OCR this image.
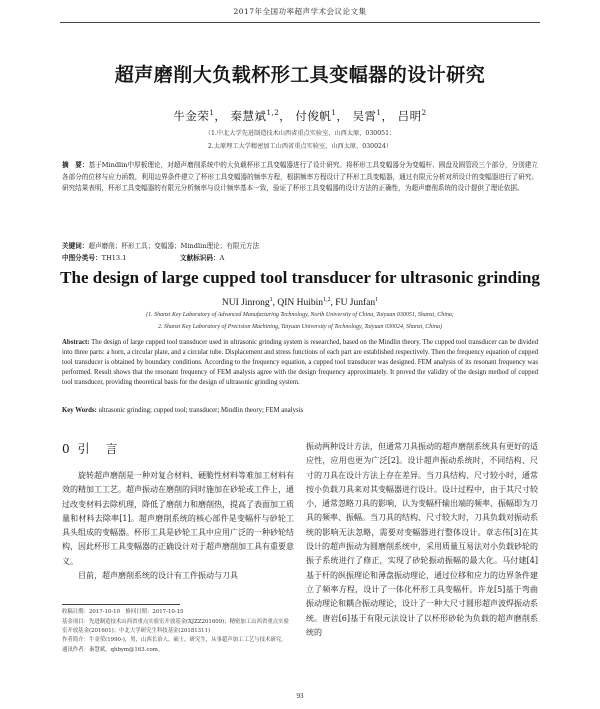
2017年全国功率超声学术会议论文集
超声磨削大负载杯形工具变幅器的设计研究
牛金荣$^1$， 秦慧斌$^{1,2}$， 付俊帆$^1$， 吴霄$^1$， 吕明$^2$
（1.中北大学先进制造技术山西省重点实验室，山西太原，030051；
2.太原理工大学精密加工山西省重点实验室，山西太原，030024）
摘　要：基于Mindlin中厚板理论，对超声磨削系统中的大负载杯形工具变幅器进行了设计研究。将杯形工具变幅器分为变幅杆、圆盘及圆管段三个部分，分别建立各部分的位移与应力函数，利用边界条件建立了杯形工具变幅器的频率方程，根据频率方程设计了杯形工具变幅器，通过有限元分析对所设计的变幅器进行了研究。研究结果表明，杯形工具变幅器的有限元分析频率与设计频率基本一致，验证了杯形工具变幅器的设计方法的正确性，为超声磨削系统的设计提供了理论依据。
关键词：超声磨削；杯形工具；变幅器；Mindlin理论；有限元方法
中图分类号：TH13.1	文献标识码：A
The design of large cupped tool transducer for ultrasonic grinding
NUI Jinrong$^1$, QIN Huibin$^{1,2}$, FU Junfan$^1$
(1. Shanxi Key Laboratory of Advanced Manufacturing Technology, North University of China, Taiyuan 030051, Shanxi, China;
2. Shanxi Key Laboratory of Precision Machining, Taiyuan University of Technology, Taiyuan 030024, Shanxi, China)
Abstract: The design of large cupped tool transducer used in ultrasonic grinding system is researched, based on the Mindlin theory. The cupped tool transducer can be divided into three parts: a horn, a circular plate, and a circular tube. Displacement and stress functions of each part are established respectively. Then the frequency equation of cupped tool transducer is obtained by boundary conditions. According to the frequency equation, a cupped tool transducer was designed. FEM analysis of its resonant frequency was performed. Result shows that the resonant frequency of FEM analysis agree with the design frequency approximately. It proved the validity of the design method of cupped tool transducer, providing theoretical basis for the design of ultrasonic grinding system.
Key Words: ultrasonic grinding; cupped tool; transducer; Mindlin theory; FEM analysis
0 引　言
旋转超声磨削是一种对复合材料、硬脆性材料等难加工材料有效的精加工工艺。超声振动在磨削的同时施加在砂轮或工件上，通过改变材料去除机理，降低了磨削力和磨削热，提高了表面加工质量和材料去除率[1]。超声磨削系统的核心部件是变幅杆与砂轮工具头组成的变幅器。杯形工具是砂轮工具中应用广泛的一种砂轮结构，因此杯形工具变幅器的正确设计对于超声磨削加工具有重要意义。
目前，超声磨削系统的设计有工件振动与刀具
振动两种设计方法，但通常刀具振动的超声磨削系统具有更好的适应性，应用也更为广泛[2]。设计超声振动系统时，不同结构、尺寸的刀具在设计方法上存在差异。当刀具结构、尺寸较小时，通常按小负载刀具来对其变幅器进行设计。设计过程中，由于其尺寸较小，通常忽略刀具的影响，认为变幅杆输出端的频率、振幅即为刀具的频率、振幅。当刀具的结构、尺寸较大时，刀具负载对振动系统的影响无法忽略，需要对变幅器进行整体设计。章志伟[3]在其设计的超声振动为圆磨削系统中，采用质量互易法对小负载砂轮的振子系统进行了修正，实现了砂轮振动振幅的最大化。马付建[4]基于杆的纵振理论和薄盘振动理论，通过位移和应力的边界条件建立了频率方程，设计了一体化杯形工具变幅杆。许龙[5]基于弯曲振动理论和耦合振动理论，设计了一种大尺寸圆形超声波焊振动系统。唐岩[6]基于有限元法设计了以杯形砂轮为负载的超声磨削系统的
收稿日期：2017-10-10　修回日期：2017-10-15
基金项目：先进制造技术山西省重点实验室开放基金(XJZZ201609)；精密加工山西省重点实验室开放基金(201601)；中北大学研究生科技基金(20181311)
作者简介：牛金荣(1990-)，男，山西长治人，硕士，研究生，从事超声加工工艺与技术研究。
通讯作者：秦慧斌，qhbym@163.com。
93
